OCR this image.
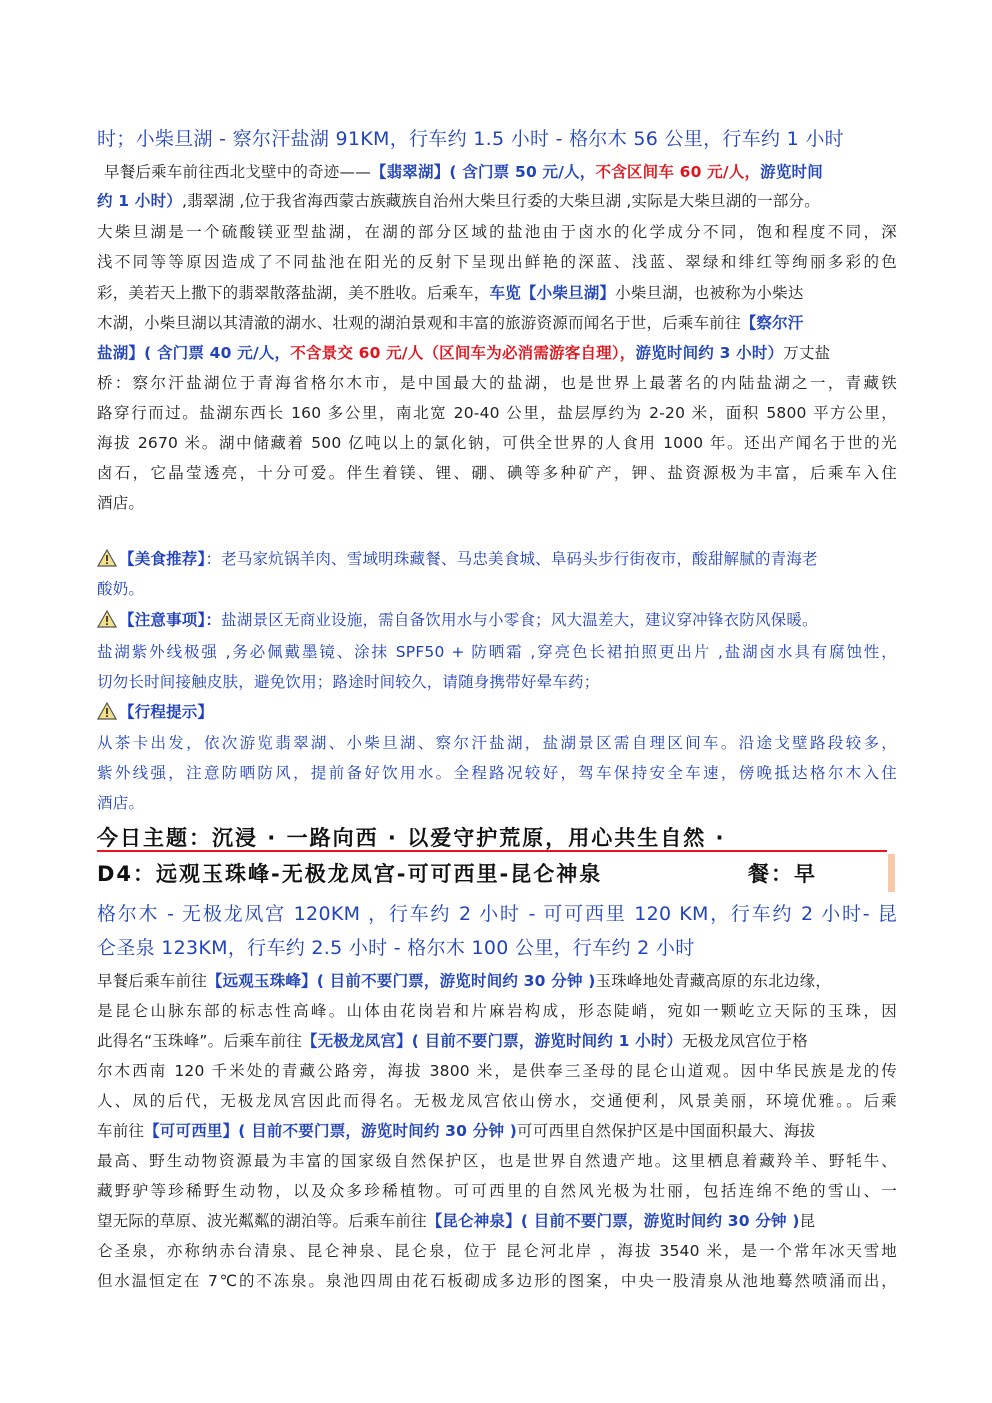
时；小柴旦湖 - 察尔汗盐湖 91KM，行车约 1.5 小时 - 格尔木 56 公里，行车约 1 小时
早餐后乘车前往西北戈壁中的奇迹——【翡翠湖】( 含门票 50 元/人，不含区间车 60 元/人，游览时间
约 1 小时）,翡翠湖 ,位于我省海西蒙古族藏族自治州大柴旦行委的大柴旦湖 ,实际是大柴旦湖的一部分。
大柴旦湖是一个硫酸镁亚型盐湖，在湖的部分区域的盐池由于卤水的化学成分不同，饱和程度不同，深
浅不同等等原因造成了不同盐池在阳光的反射下呈现出鲜艳的深蓝、浅蓝、翠绿和绯红等绚丽多彩的色
彩，美若天上撒下的翡翠散落盐湖，美不胜收。后乘车，车览【小柴旦湖】小柴旦湖，也被称为小柴达
木湖，小柴旦湖以其清澈的湖水、壮观的湖泊景观和丰富的旅游资源而闻名于世，后乘车前往【察尔汗
盐湖】( 含门票 40 元/人，不含景交 60 元/人（区间车为必消需游客自理），游览时间约 3 小时）万丈盐
桥：察尔汗盐湖位于青海省格尔木市，是中国最大的盐湖，也是世界上最著名的内陆盐湖之一，青藏铁
路穿行而过。盐湖东西长 160 多公里，南北宽 20-40 公里，盐层厚约为 2-20 米，面积 5800 平方公里，
海拔 2670 米。湖中储藏着 500 亿吨以上的氯化钠，可供全世界的人食用 1000 年。还出产闻名于世的光
卤石，它晶莹透亮，十分可爱。伴生着镁、锂、硼、碘等多种矿产，钾、盐资源极为丰富，后乘车入住
酒店。
【美食推荐】：老马家炕锅羊肉、雪域明珠藏餐、马忠美食城、阜码头步行街夜市，酸甜解腻的青海老
酸奶。
【注意事项】：盐湖景区无商业设施，需自备饮用水与小零食；风大温差大，建议穿冲锋衣防风保暖。
盐湖紫外线极强 ,务必佩戴墨镜、涂抹 SPF50 + 防晒霜 ,穿亮色长裙拍照更出片 ,盐湖卤水具有腐蚀性，
切勿长时间接触皮肤，避免饮用；路途时间较久，请随身携带好晕车药；
【行程提示】
从茶卡出发，依次游览翡翠湖、小柴旦湖、察尔汗盐湖，盐湖景区需自理区间车。沿途戈壁路段较多，
紫外线强，注意防晒防风，提前备好饮用水。全程路况较好，驾车保持安全车速，傍晚抵达格尔木入住
酒店。
今日主题：沉浸 · 一路向西 · 以爱守护荒原，用心共生自然 ·
D4：远观玉珠峰-无极龙凤宫-可可西里-昆仑神泉	餐：早
格尔木 - 无极龙凤宫 120KM ，行车约 2 小时 - 可可西里 120 KM，行车约 2 小时- 昆
仑圣泉 123KM，行车约 2.5 小时 - 格尔木 100 公里，行车约 2 小时
早餐后乘车前往【远观玉珠峰】( 目前不要门票，游览时间约 30 分钟 )玉珠峰地处青藏高原的东北边缘，
是昆仑山脉东部的标志性高峰。山体由花岗岩和片麻岩构成，形态陡峭，宛如一颗屹立天际的玉珠，因
此得名“玉珠峰”。后乘车前往【无极龙凤宫】( 目前不要门票，游览时间约 1 小时）无极龙凤宫位于格
尔木西南 120 千米处的青藏公路旁，海拔 3800 米，是供奉三圣母的昆仑山道观。因中华民族是龙的传
人、凤的后代，无极龙凤宫因此而得名。无极龙凤宫依山傍水，交通便利，风景美丽，环境优雅。。后乘
车前往【可可西里】( 目前不要门票，游览时间约 30 分钟 )可可西里自然保护区是中国面积最大、海拔
最高、野生动物资源最为丰富的国家级自然保护区，也是世界自然遗产地。这里栖息着藏羚羊、野牦牛、
藏野驴等珍稀野生动物，以及众多珍稀植物。可可西里的自然风光极为壮丽，包括连绵不绝的雪山、一
望无际的草原、波光粼粼的湖泊等。后乘车前往【昆仑神泉】( 目前不要门票，游览时间约 30 分钟 )昆
仑圣泉，亦称纳赤台清泉、昆仑神泉、昆仑泉，位于 昆仑河北岸 ，海拔 3540 米，是一个常年冰天雪地
但水温恒定在 7℃的不冻泉。泉池四周由花石板砌成多边形的图案，中央一股清泉从池地蓦然喷涌而出，
